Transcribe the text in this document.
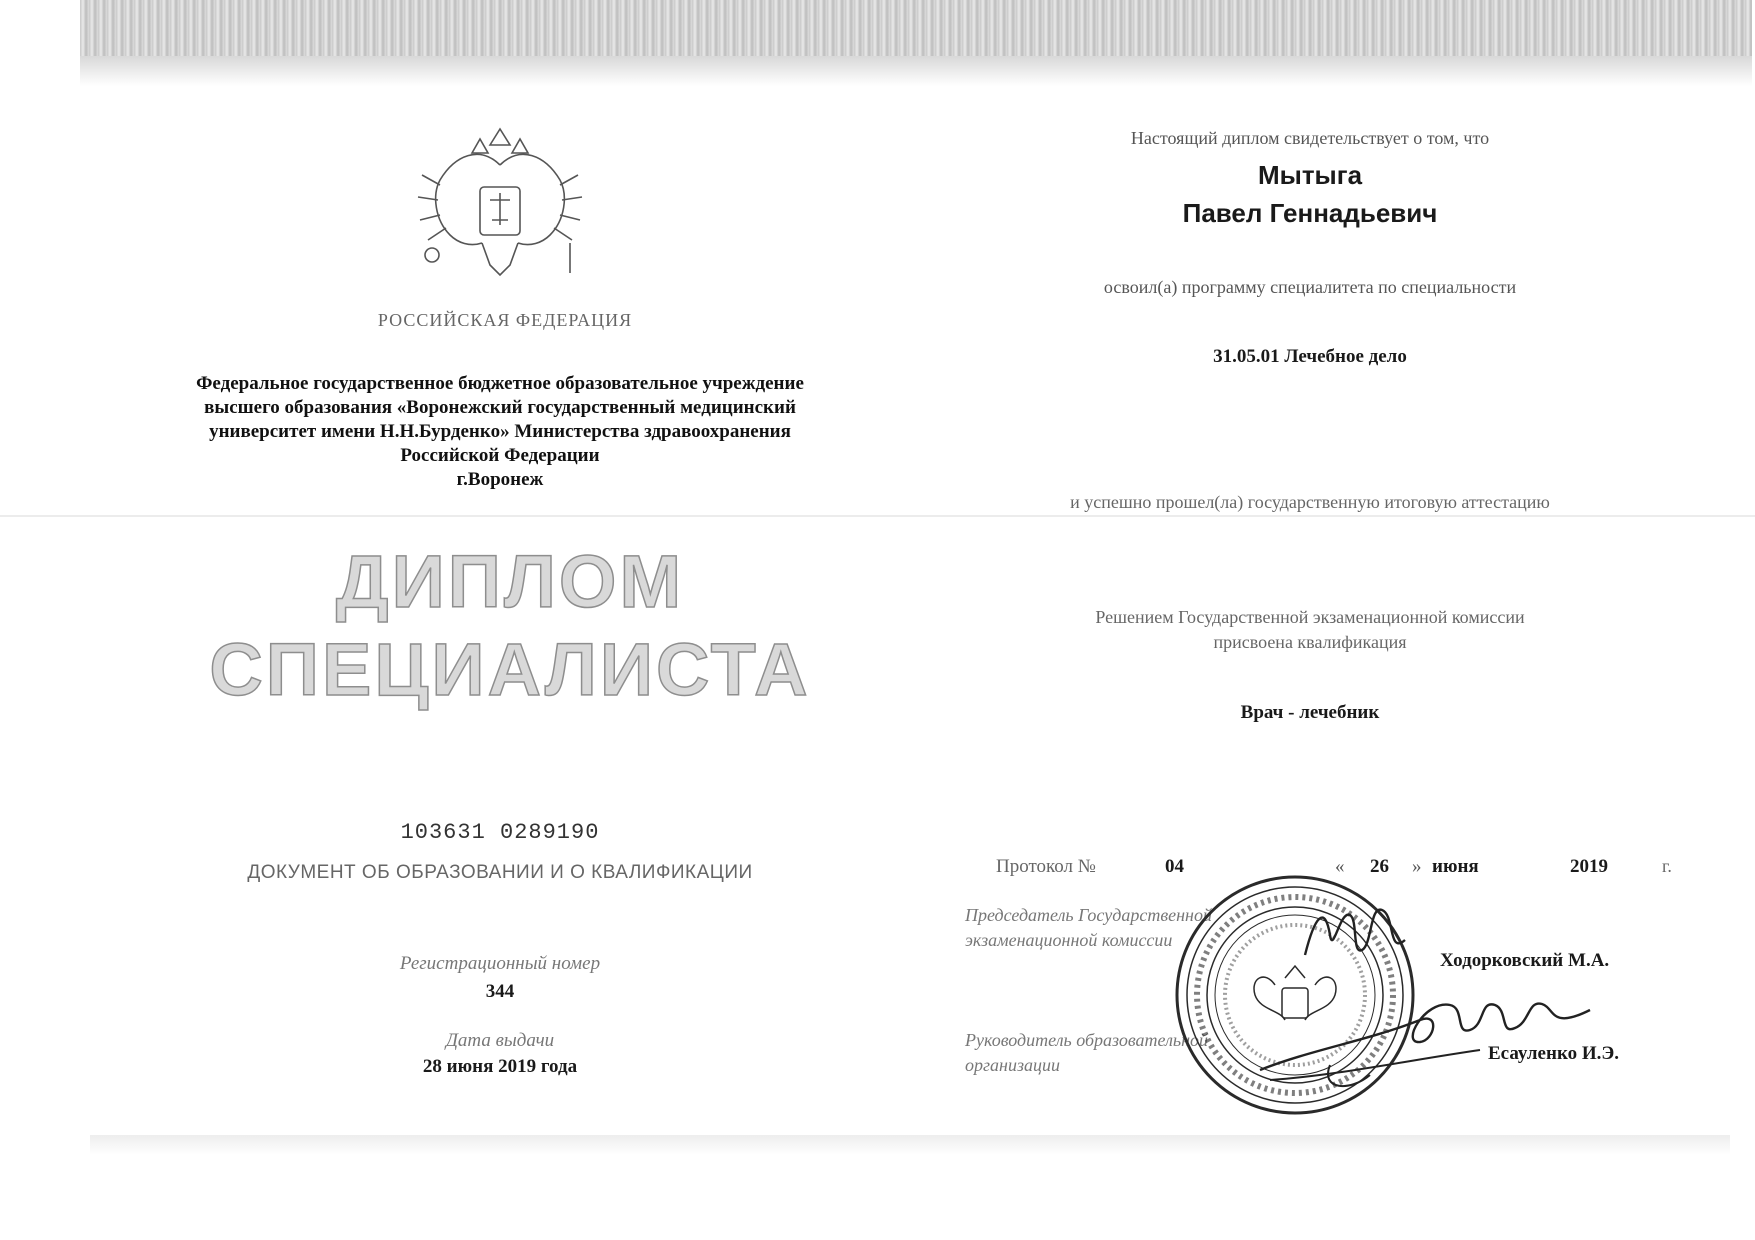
РОССИЙСКАЯ ФЕДЕРАЦИЯ
Федеральное государственное бюджетное образовательное учреждение
высшего образования «Воронежский государственный медицинский
университет имени Н.Н.Бурденко» Министерства здравоохранения
Российской Федерации
г.Воронеж
ДИПЛОМ
СПЕЦИАЛИСТА
103631 0289190
ДОКУМЕНТ ОБ ОБРАЗОВАНИИ И О КВАЛИФИКАЦИИ
Регистрационный номер
344
Дата выдачи
28 июня 2019 года
Настоящий диплом свидетельствует о том, что
Мытыга
Павел Геннадьевич
освоил(а) программу специалитета по специальности
31.05.01 Лечебное дело
и успешно прошел(ла) государственную итоговую аттестацию
Решением Государственной экзаменационной комиссии
присвоена квалификация
Врач - лечебник
Протокол №	04	« 26 » июня	2019	г.
Председатель Государственной экзаменационной комиссии
Ходорковский М.А.
Руководитель образовательной организации
Есауленко И.Э.
